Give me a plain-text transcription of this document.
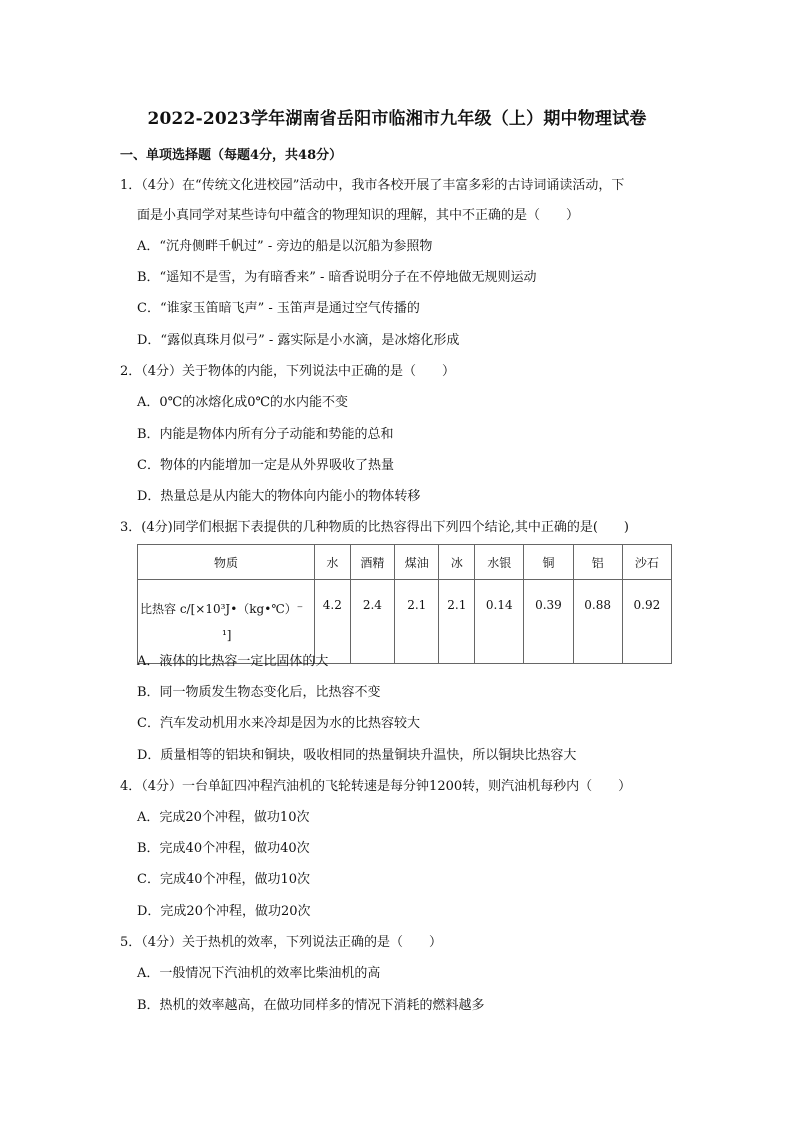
2022-2023学年湖南省岳阳市临湘市九年级（上）期中物理试卷
一、单项选择题（每题4分，共48分）
1．（4分）在“传统文化进校园”活动中，我市各校开展了丰富多彩的古诗词诵读活动，下
面是小真同学对某些诗句中蕴含的物理知识的理解，其中不正确的是（　　）
A．“沉舟侧畔千帆过” - 旁边的船是以沉船为参照物
B．“遥知不是雪，为有暗香来” - 暗香说明分子在不停地做无规则运动
C．“谁家玉笛暗飞声” - 玉笛声是通过空气传播的
D．“露似真珠月似弓” - 露实际是小水滴，是冰熔化形成
2．（4分）关于物体的内能，下列说法中正确的是（　　）
A．0℃的冰熔化成0℃的水内能不变
B．内能是物体内所有分子动能和势能的总和
C．物体的内能增加一定是从外界吸收了热量
D．热量总是从内能大的物体向内能小的物体转移
3．(4分)同学们根据下表提供的几种物质的比热容得出下列四个结论,其中正确的是(　　)
物质	水	酒精	煤油	冰	水银	铜	铝	沙石

比热容 c/[×10³J•（kg•℃）⁻
¹]	4.2	2.4	2.1	2.1	0.14	0.39	0.88	0.92
A．液体的比热容一定比固体的大
B．同一物质发生物态变化后，比热容不变
C．汽车发动机用水来冷却是因为水的比热容较大
D．质量相等的铝块和铜块，吸收相同的热量铜块升温快，所以铜块比热容大
4．（4分）一台单缸四冲程汽油机的飞轮转速是每分钟1200转，则汽油机每秒内（　　）
A．完成20个冲程，做功10次
B．完成40个冲程，做功40次
C．完成40个冲程，做功10次
D．完成20个冲程，做功20次
5．（4分）关于热机的效率，下列说法正确的是（　　）
A．一般情况下汽油机的效率比柴油机的高
B．热机的效率越高，在做功同样多的情况下消耗的燃料越多
